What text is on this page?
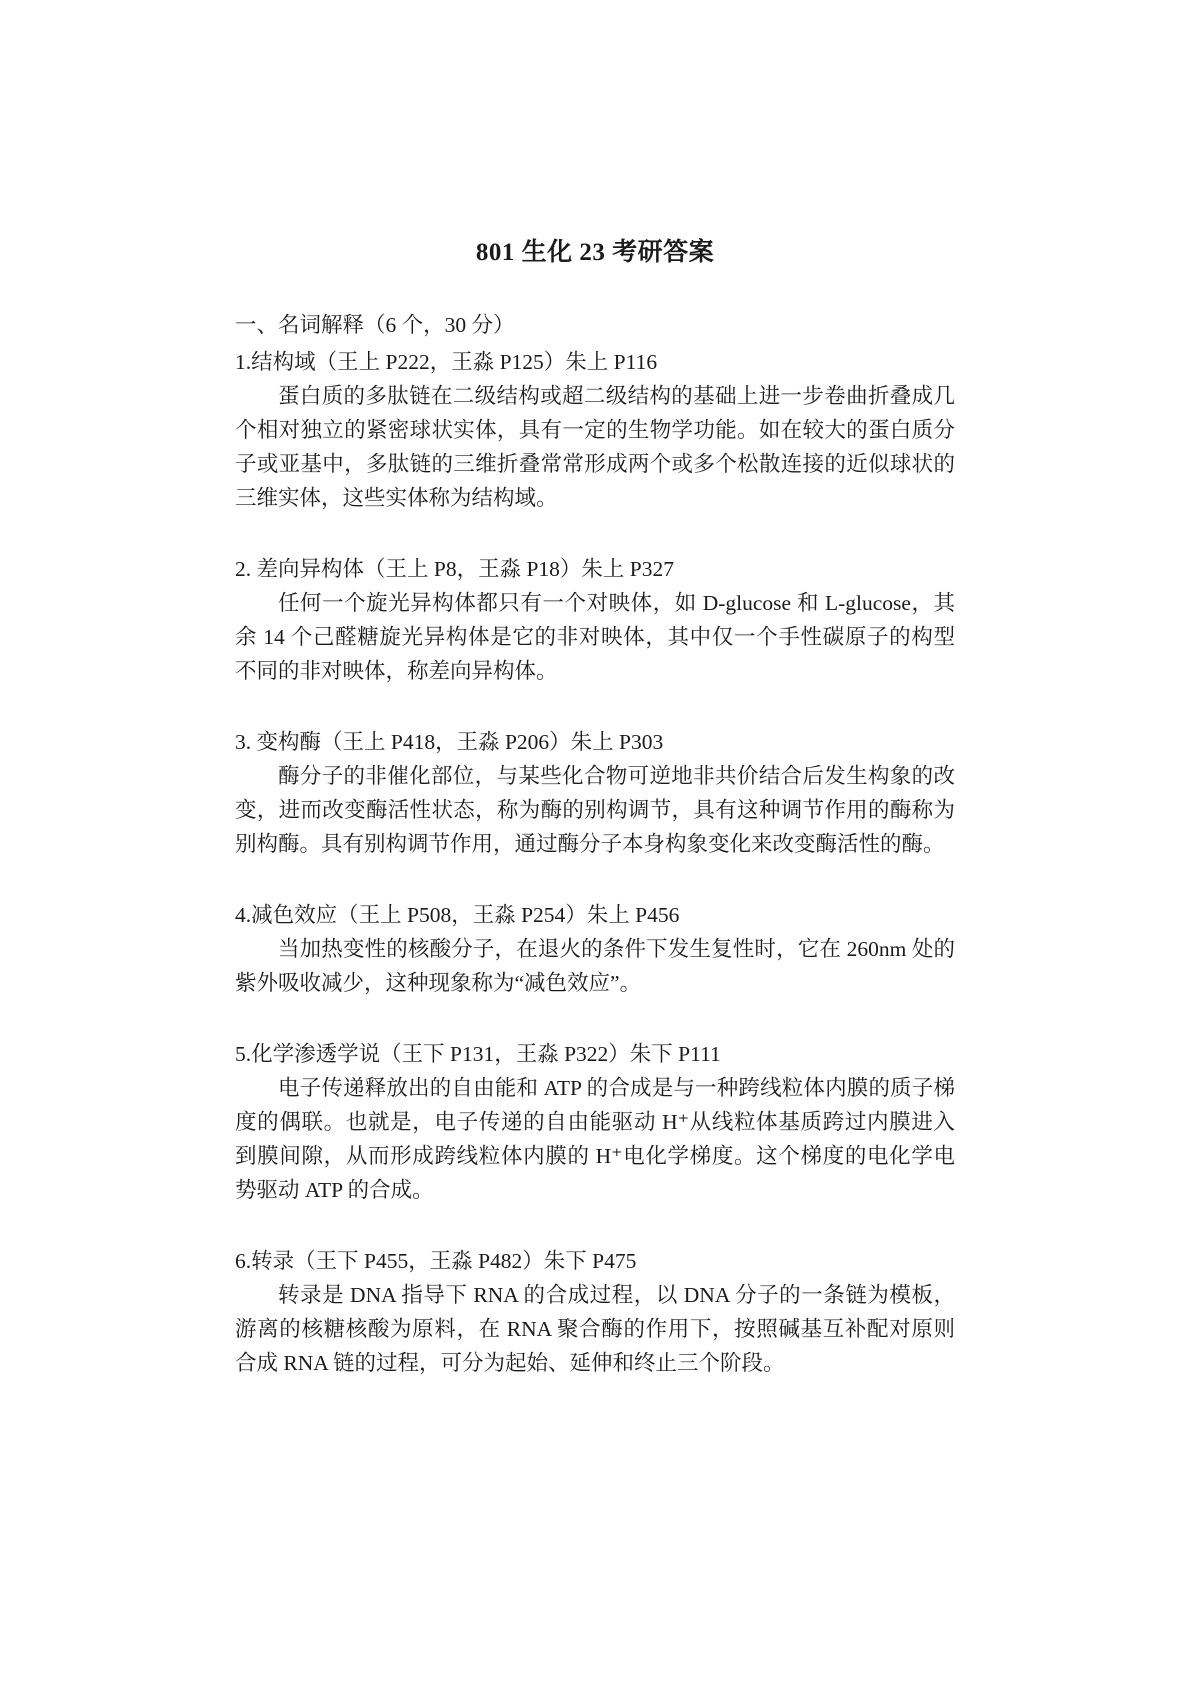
801 生化 23 考研答案

一、名词解释（6 个，30 分）

1.结构域（王上 P222，王淼 P125）朱上 P116

蛋白质的多肽链在二级结构或超二级结构的基础上进一步卷曲折叠成几个相对独立的紧密球状实体，具有一定的生物学功能。如在较大的蛋白质分子或亚基中，多肽链的三维折叠常常形成两个或多个松散连接的近似球状的三维实体，这些实体称为结构域。

2. 差向异构体（王上 P8，王淼 P18）朱上 P327

任何一个旋光异构体都只有一个对映体，如 D-glucose 和 L-glucose，其余 14 个己醛糖旋光异构体是它的非对映体，其中仅一个手性碳原子的构型不同的非对映体，称差向异构体。

3. 变构酶（王上 P418，王淼 P206）朱上 P303

酶分子的非催化部位，与某些化合物可逆地非共价结合后发生构象的改变，进而改变酶活性状态，称为酶的别构调节，具有这种调节作用的酶称为别构酶。具有别构调节作用，通过酶分子本身构象变化来改变酶活性的酶。

4.减色效应（王上 P508，王淼 P254）朱上 P456

当加热变性的核酸分子，在退火的条件下发生复性时，它在 260nm 处的紫外吸收减少，这种现象称为“减色效应”。

5.化学渗透学说（王下 P131，王淼 P322）朱下 P111

电子传递释放出的自由能和 ATP 的合成是与一种跨线粒体内膜的质子梯度的偶联。也就是，电子传递的自由能驱动 H⁺从线粒体基质跨过内膜进入到膜间隙，从而形成跨线粒体内膜的 H⁺电化学梯度。这个梯度的电化学电势驱动 ATP 的合成。

6.转录（王下 P455，王淼 P482）朱下 P475

转录是 DNA 指导下 RNA 的合成过程，以 DNA 分子的一条链为模板，游离的核糖核酸为原料，在 RNA 聚合酶的作用下，按照碱基互补配对原则合成 RNA 链的过程，可分为起始、延伸和终止三个阶段。
